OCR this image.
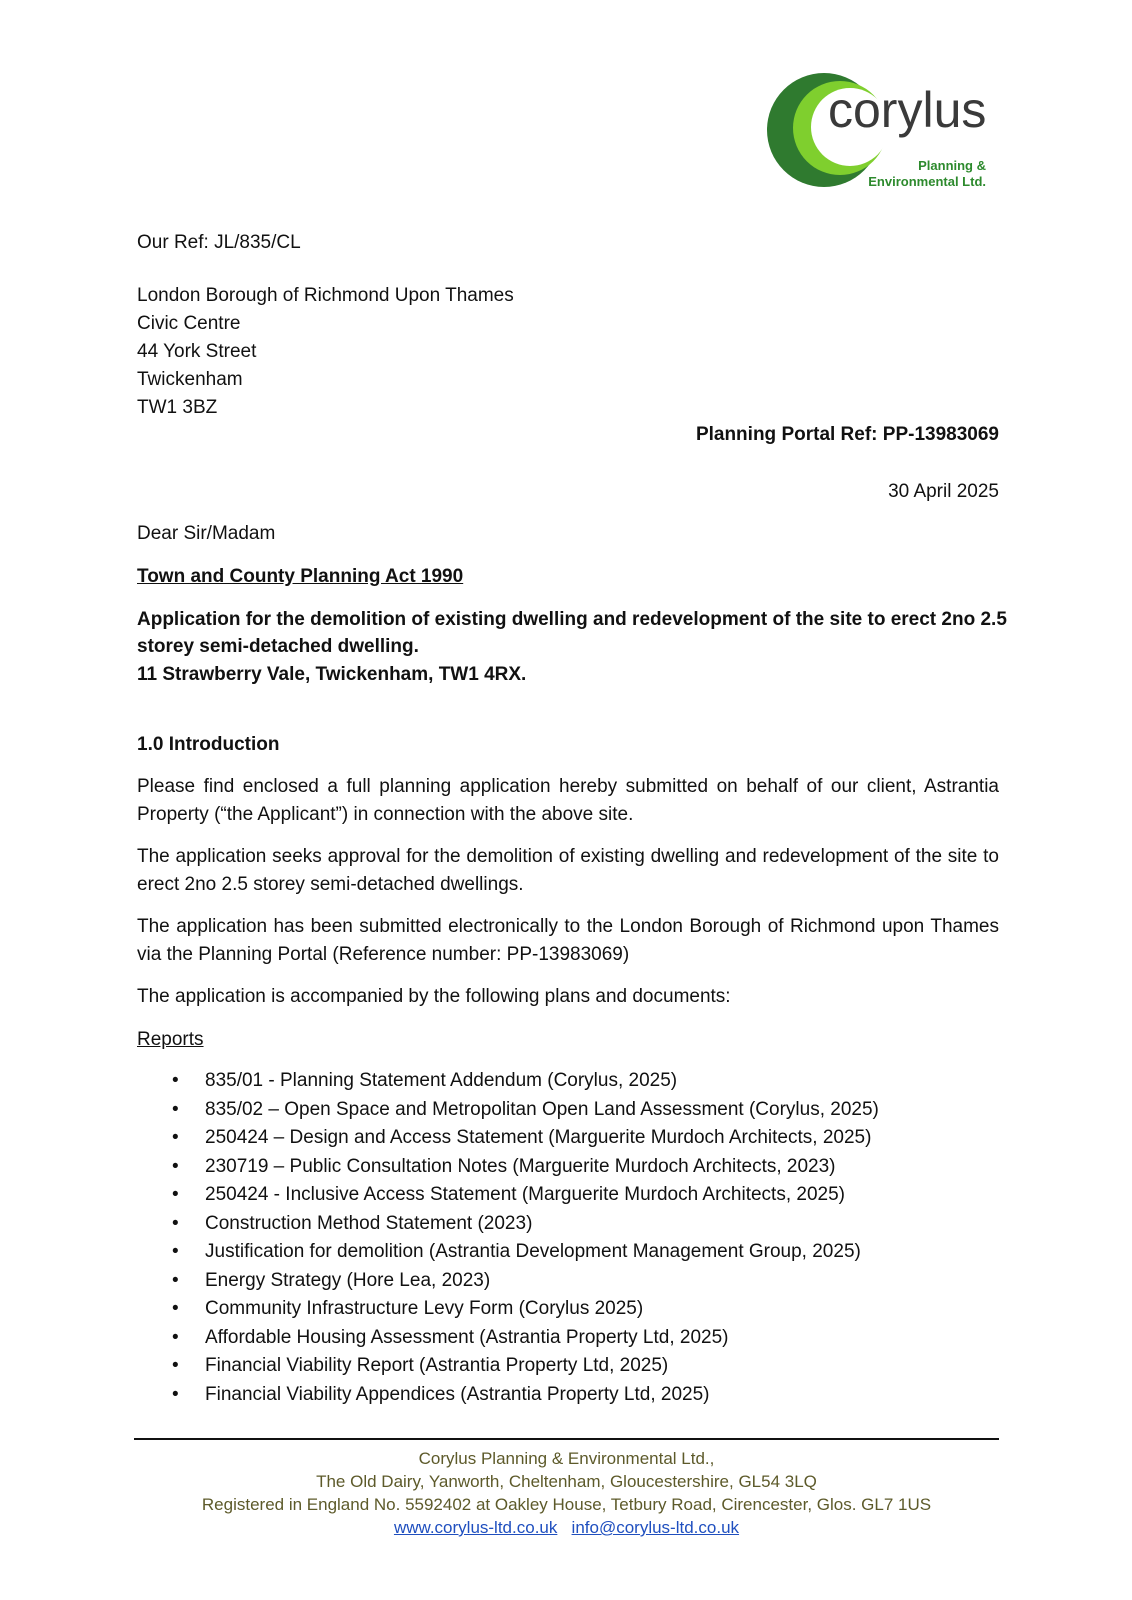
corylus
Planning &
Environmental Ltd.
Our Ref: JL/835/CL
London Borough of Richmond Upon Thames
Civic Centre
44 York Street
Twickenham
TW1 3BZ
Planning Portal Ref: PP-13983069
30 April 2025
Dear Sir/Madam
Town and County Planning Act 1990
Application for the demolition of existing dwelling and redevelopment of the site to erect 2no 2.5
storey semi-detached dwelling.
11 Strawberry Vale, Twickenham, TW1 4RX.
1.0 Introduction
Please find enclosed a full planning application hereby submitted on behalf of our client, Astrantia Property (“the Applicant”) in connection with the above site.
The application seeks approval for the demolition of existing dwelling and redevelopment of the site to erect 2no 2.5 storey semi-detached dwellings.
The application has been submitted electronically to the London Borough of Richmond upon Thames via the Planning Portal (Reference number: PP-13983069)
The application is accompanied by the following plans and documents:
Reports
• 835/01 - Planning Statement Addendum (Corylus, 2025)
• 835/02 – Open Space and Metropolitan Open Land Assessment (Corylus, 2025)
• 250424 – Design and Access Statement (Marguerite Murdoch Architects, 2025)
• 230719 – Public Consultation Notes (Marguerite Murdoch Architects, 2023)
• 250424 - Inclusive Access Statement (Marguerite Murdoch Architects, 2025)
• Construction Method Statement (2023)
• Justification for demolition (Astrantia Development Management Group, 2025)
• Energy Strategy (Hore Lea, 2023)
• Community Infrastructure Levy Form (Corylus 2025)
• Affordable Housing Assessment (Astrantia Property Ltd, 2025)
• Financial Viability Report (Astrantia Property Ltd, 2025)
• Financial Viability Appendices (Astrantia Property Ltd, 2025)
Corylus Planning & Environmental Ltd.,
The Old Dairy, Yanworth, Cheltenham, Gloucestershire, GL54 3LQ
Registered in England No. 5592402 at Oakley House, Tetbury Road, Cirencester, Glos. GL7 1US
www.corylus-ltd.co.uk info@corylus-ltd.co.uk
